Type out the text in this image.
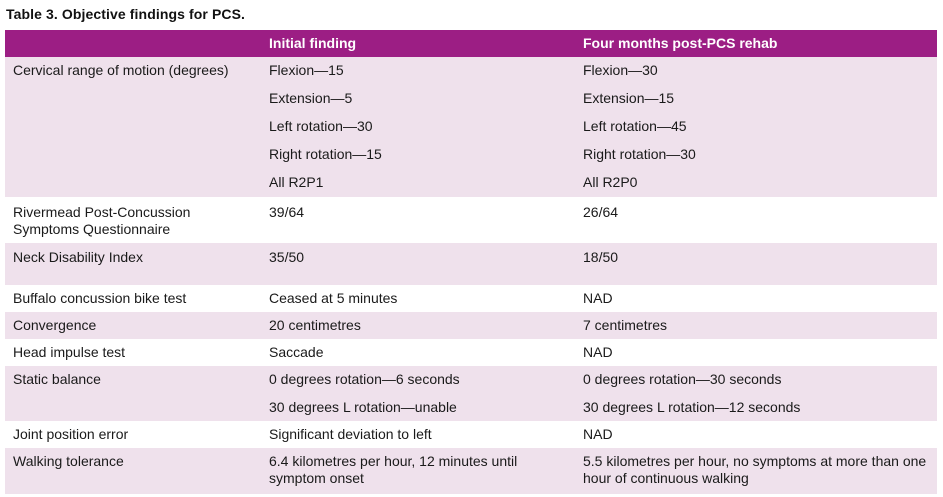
Table 3. Objective findings for PCS.
	Initial finding	Four months post-PCS rehab
Cervical range of motion (degrees)	Flexion—15	Flexion—30
	Extension—5	Extension—15
	Left rotation—30	Left rotation—45
	Right rotation—15	Right rotation—30
	All R2P1	All R2P0
Rivermead Post-Concussion Symptoms Questionnaire	39/64	26/64
Neck Disability Index	35/50	18/50
Buffalo concussion bike test	Ceased at 5 minutes	NAD
Convergence	20 centimetres	7 centimetres
Head impulse test	Saccade	NAD
Static balance	0 degrees rotation—6 seconds	0 degrees rotation—30 seconds
	30 degrees L rotation—unable	30 degrees L rotation—12 seconds
Joint position error	Significant deviation to left	NAD
Walking tolerance	6.4 kilometres per hour, 12 minutes until symptom onset	5.5 kilometres per hour, no symptoms at more than one hour of continuous walking
